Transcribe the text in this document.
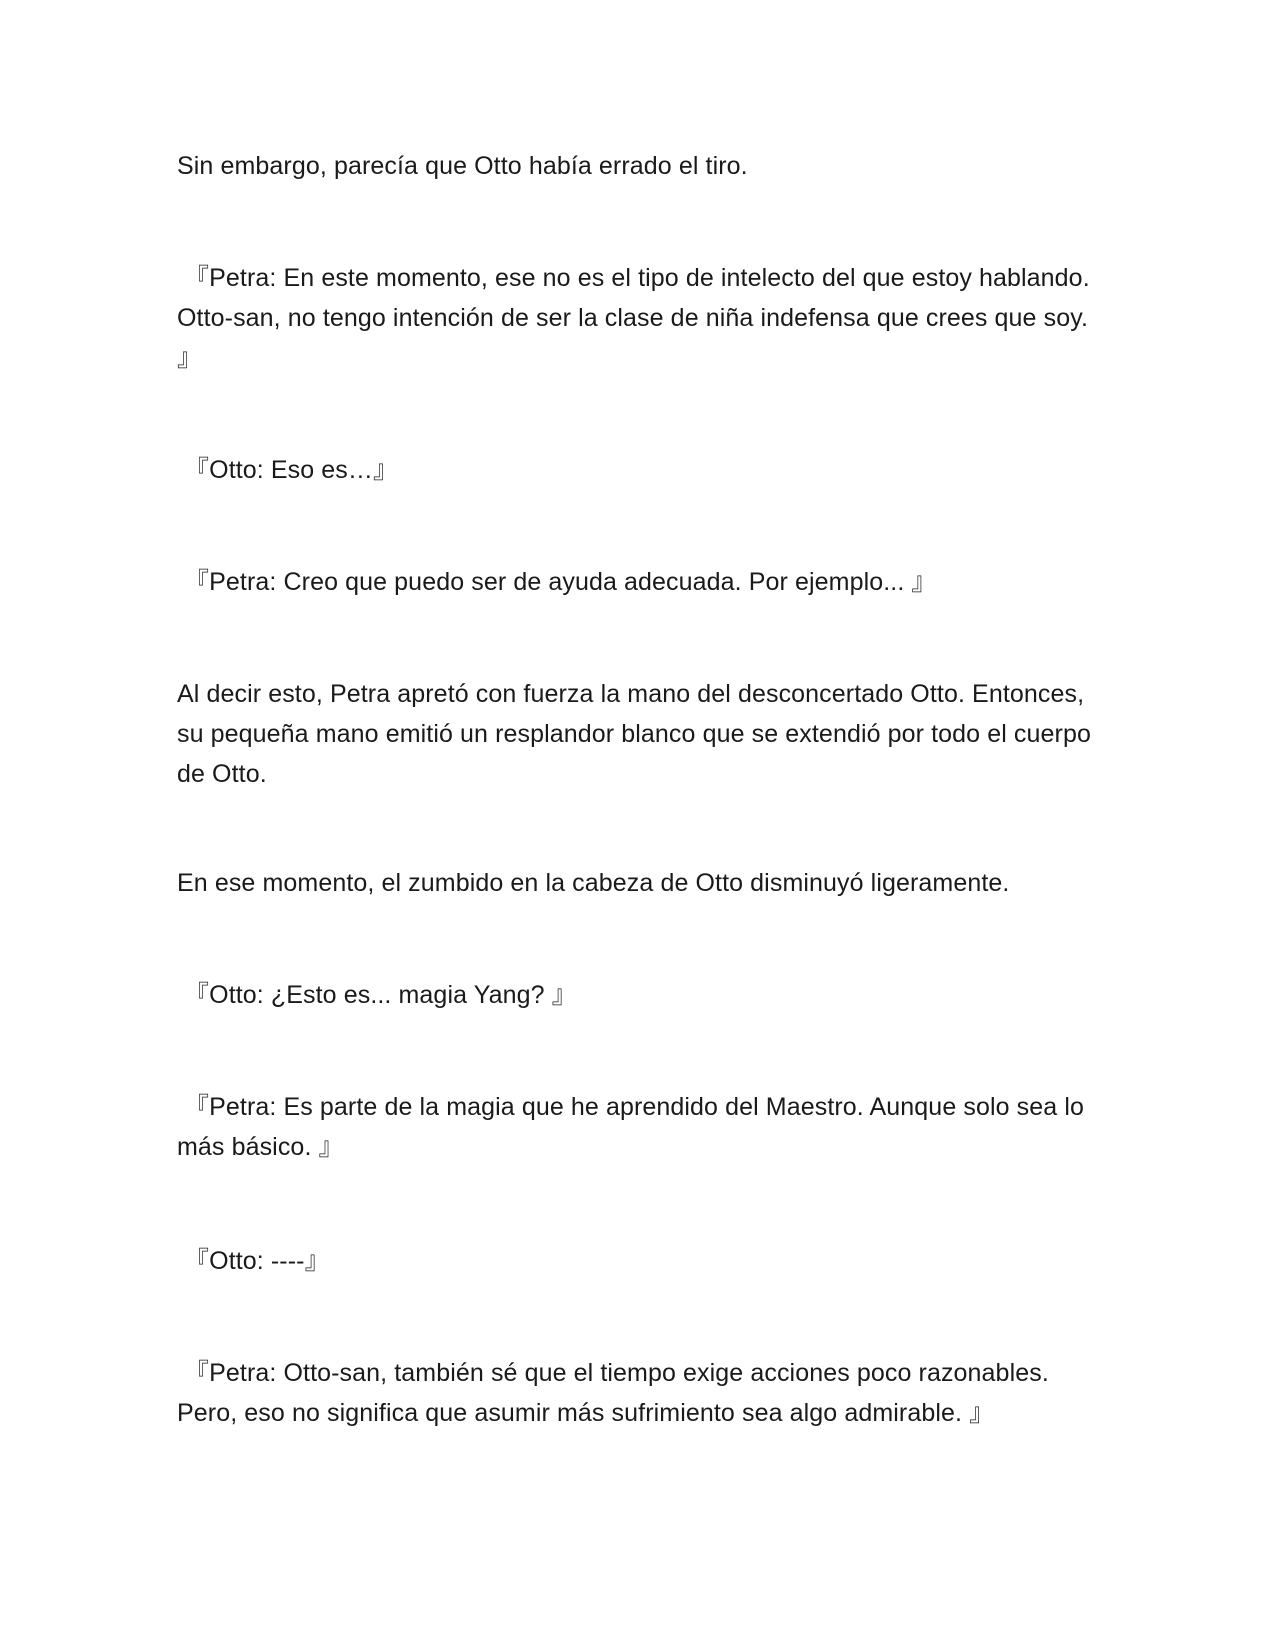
Sin embargo, parecía que Otto había errado el tiro.

『Petra: En este momento, ese no es el tipo de intelecto del que estoy hablando. Otto-san, no tengo intención de ser la clase de niña indefensa que crees que soy. 』

『Otto: Eso es…』

『Petra: Creo que puedo ser de ayuda adecuada. Por ejemplo... 』

Al decir esto, Petra apretó con fuerza la mano del desconcertado Otto. Entonces, su pequeña mano emitió un resplandor blanco que se extendió por todo el cuerpo de Otto.

En ese momento, el zumbido en la cabeza de Otto disminuyó ligeramente.

『Otto: ¿Esto es... magia Yang? 』

『Petra: Es parte de la magia que he aprendido del Maestro. Aunque solo sea lo más básico. 』

『Otto: ----』

『Petra: Otto-san, también sé que el tiempo exige acciones poco razonables. Pero, eso no significa que asumir más sufrimiento sea algo admirable. 』
